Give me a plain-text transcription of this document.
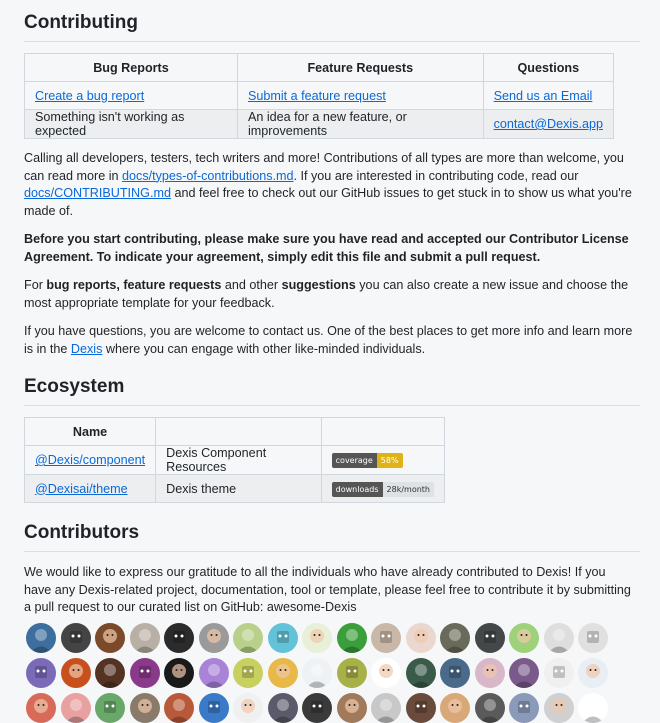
Contributing
Bug Reports	Feature Requests	Questions
Create a bug report	Submit a feature request	Send us an Email
Something isn't working as expected	An idea for a new feature, or improvements	contact@Dexis.app

Calling all developers, testers, tech writers and more! Contributions of all types are more than welcome, you can read more in docs/types-of-contributions.md. If you are interested in contributing code, read our docs/CONTRIBUTING.md and feel free to check out our GitHub issues to get stuck in to show us what you're made of.

Before you start contributing, please make sure you have read and accepted our Contributor License Agreement. To indicate your agreement, simply edit this file and submit a pull request.

For bug reports, feature requests and other suggestions you can also create a new issue and choose the most appropriate template for your feedback.

If you have questions, you are welcome to contact us. One of the best places to get more info and learn more is in the Dexis where you can engage with other like-minded individuals.

Ecosystem
Name		
@Dexis/component	Dexis Component Resources	coverage 58%

@Dexisai/theme	Dexis theme	downloads 28k/month
Contributors

We would like to express our gratitude to all the individuals who have already contributed to Dexis! If you have any Dexis-related project, documentation, tool or template, please feel free to contribute it by submitting a pull request to our curated list on GitHub: awesome-Dexis
